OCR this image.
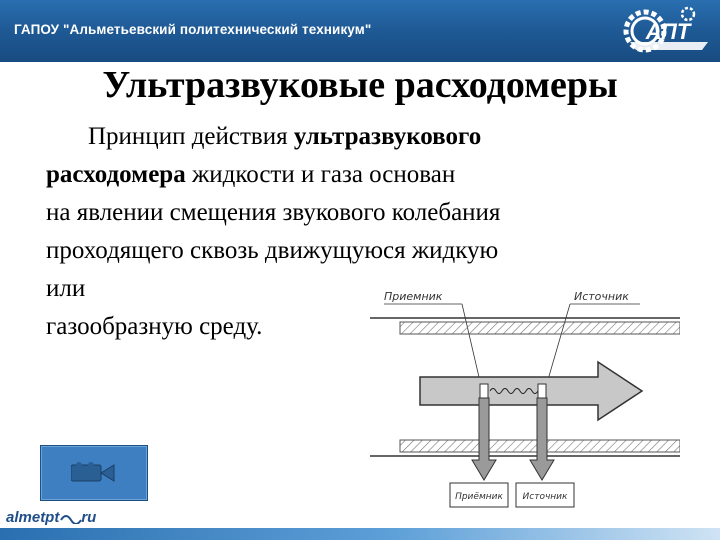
ГАПОУ "Альметьевский политехнический техникум"	АПТ
Ультразвуковые расходомеры
Принцип действия ультразвукового
расходомера жидкости и газа основан
на явлении смещения звукового колебания
проходящего сквозь движущуюся жидкую
или
газообразную среду.
Приемник	Источник
Приёмник Источник
almetpt ru
